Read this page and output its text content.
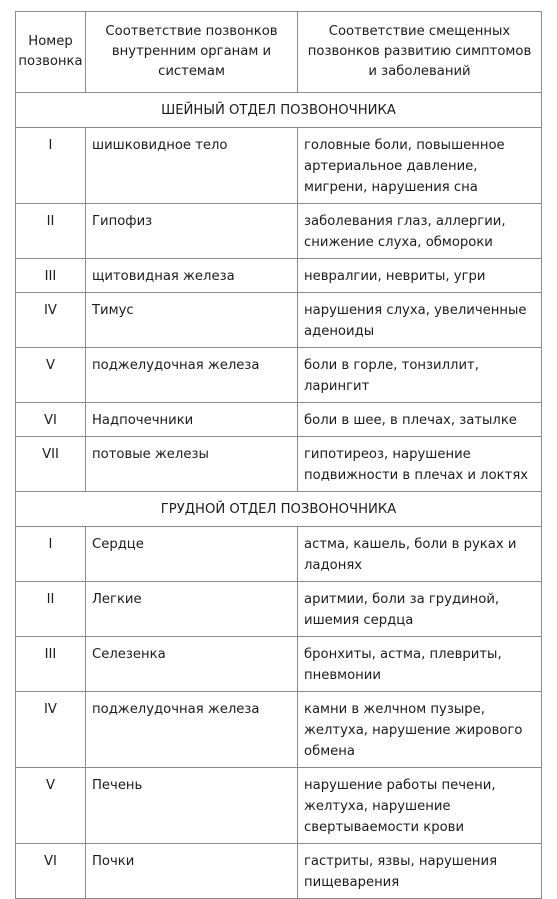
Номер позвонка	Соответствие позвонков внутренним органам и системам	Соответствие смещенных позвонков развитию симптомов и заболеваний
ШЕЙНЫЙ ОТДЕЛ ПОЗВОНОЧНИКА		
I	шишковидное тело	головные боли, повышенное артериальное давление, мигрени, нарушения сна
II	Гипофиз	заболевания глаз, аллергии, снижение слуха, обмороки
III	щитовидная железа	невралгии, невриты, угри
IV	Тимус	нарушения слуха, увеличенные аденоиды
V	поджелудочная железа	боли в горле, тонзиллит, ларингит
VI	Надпочечники	боли в шее, в плечах, затылке
VII	потовые железы	гипотиреоз, нарушение подвижности в плечах и локтях
ГРУДНОЙ ОТДЕЛ ПОЗВОНОЧНИКА		
I	Сердце	астма, кашель, боли в руках и ладонях
II	Легкие	аритмии, боли за грудиной, ишемия сердца
III	Селезенка	бронхиты, астма, плевриты, пневмонии
IV	поджелудочная железа	камни в желчном пузыре, желтуха, нарушение жирового обмена
V	Печень	нарушение работы печени, желтуха, нарушение свертываемости крови
VI	Почки	гастриты, язвы, нарушения пищеварения
